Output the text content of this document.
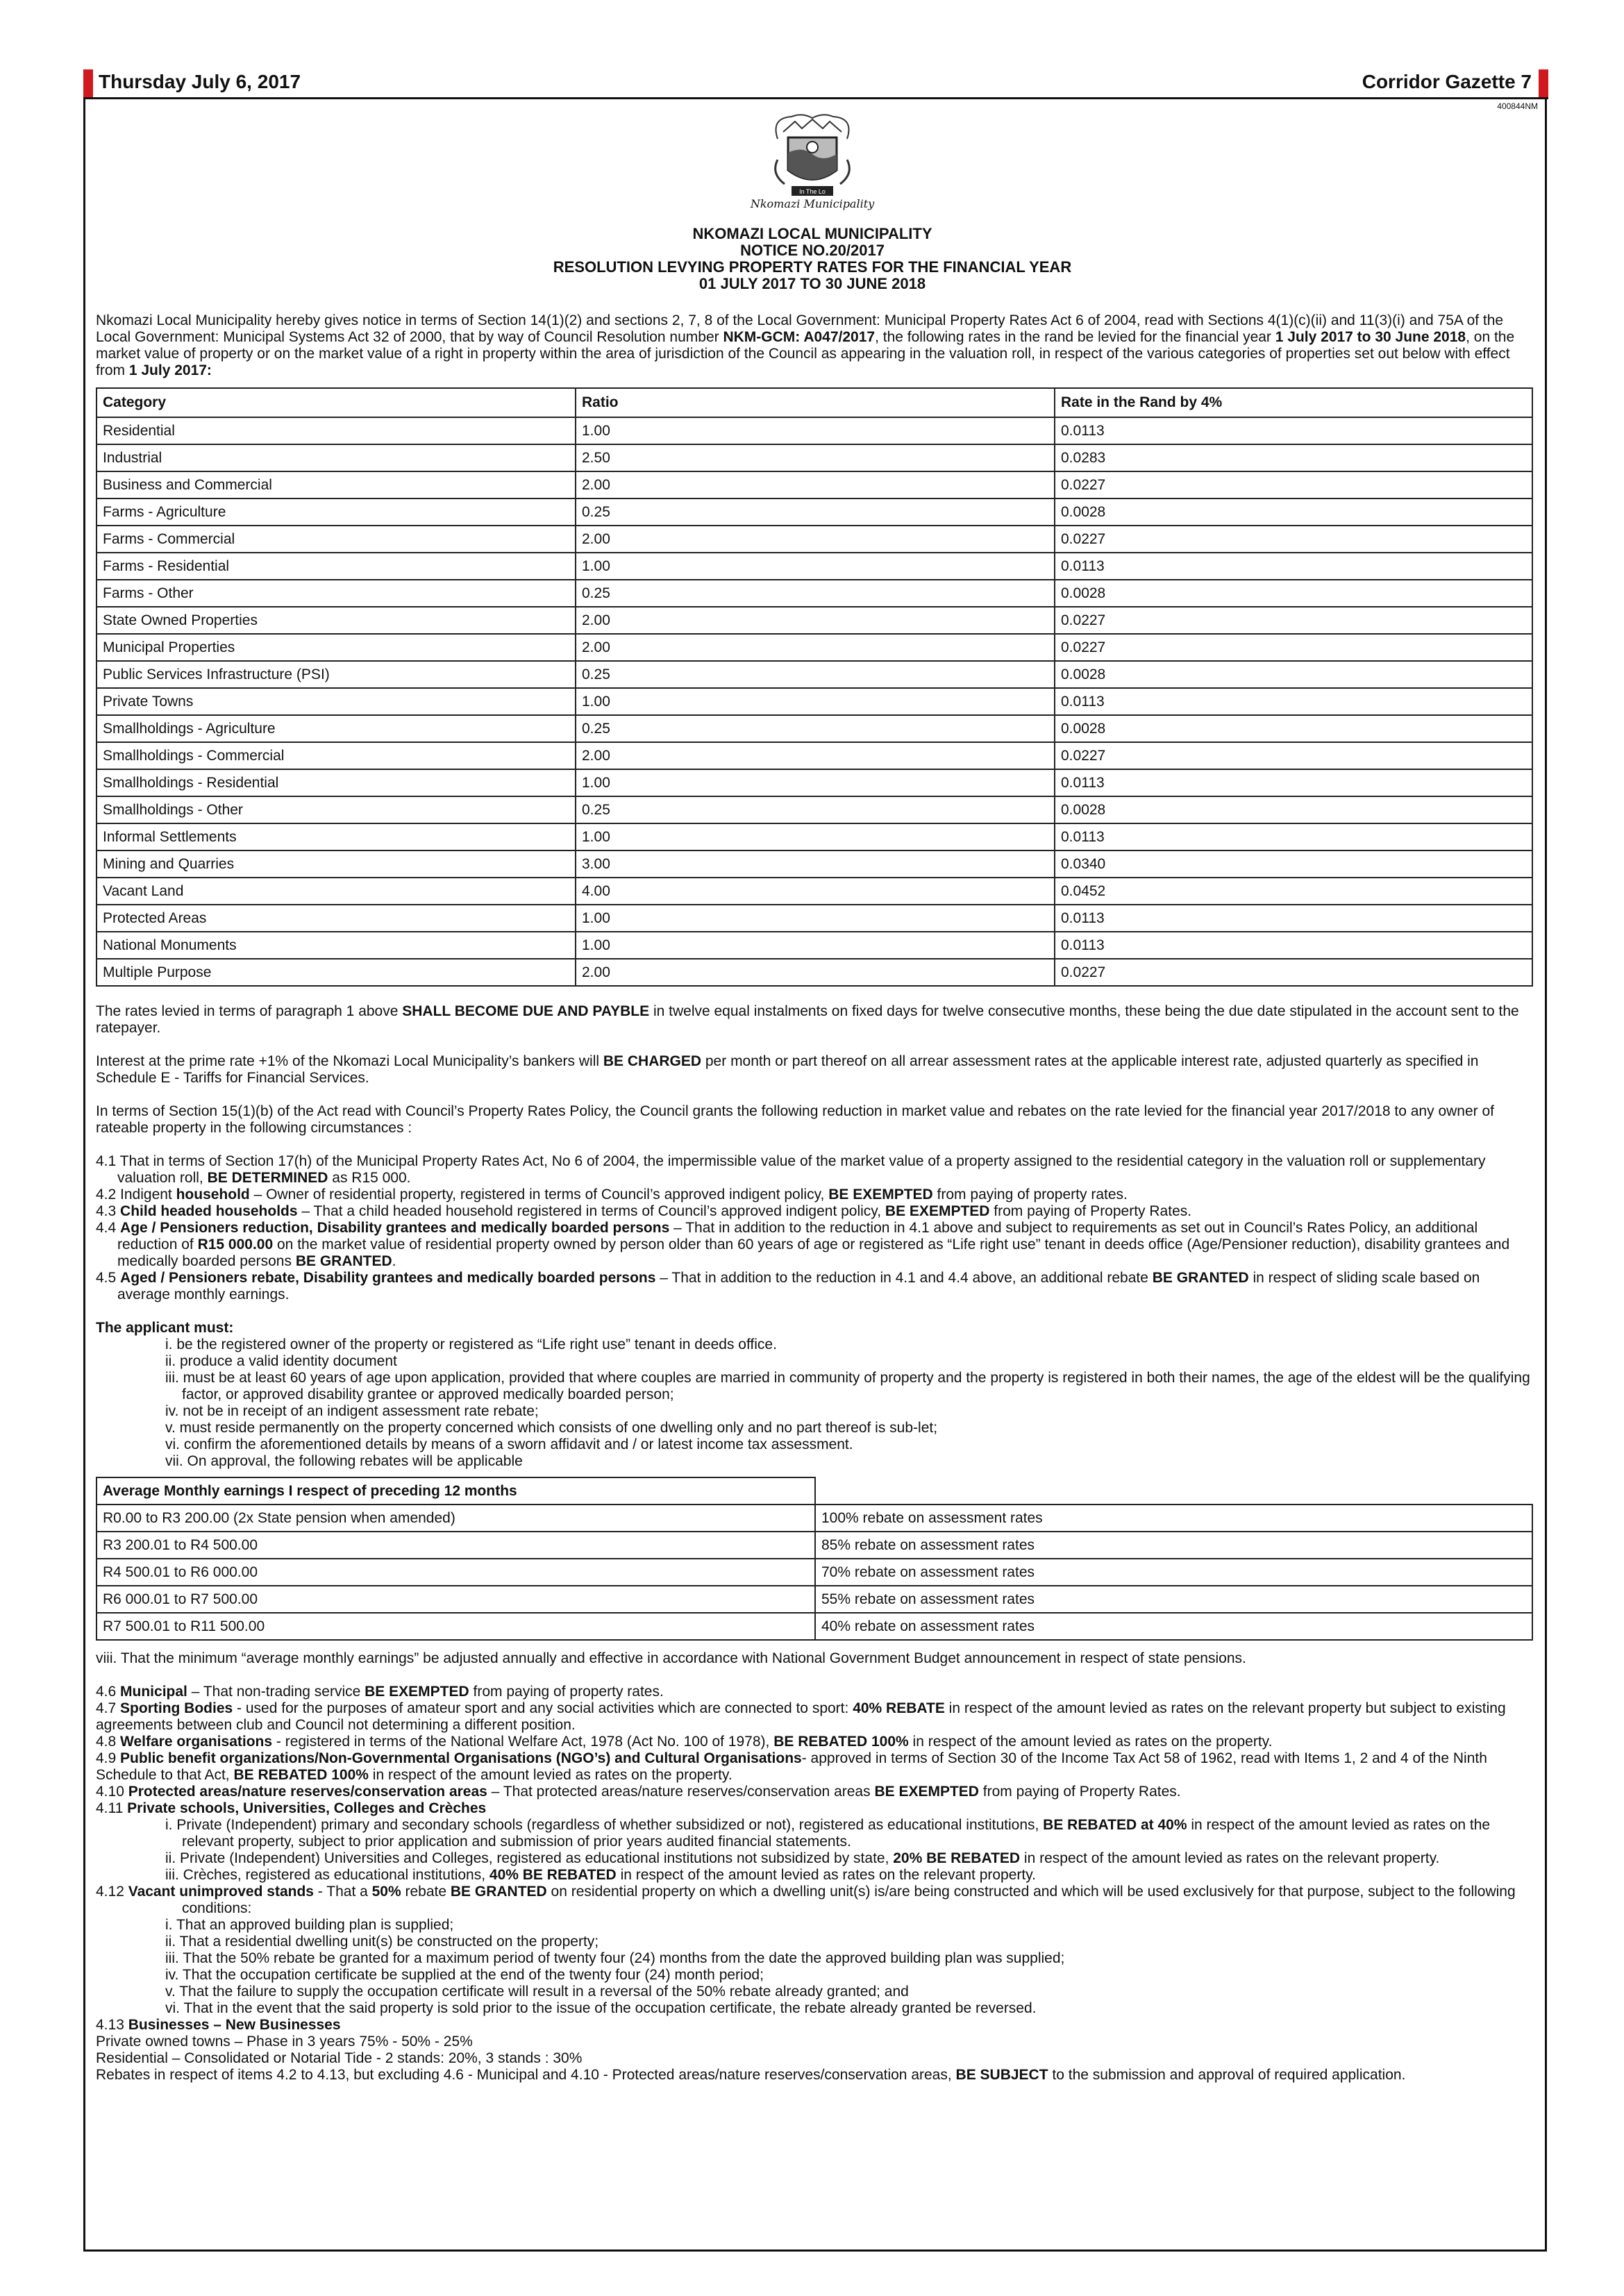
Thursday July 6, 2017	Corridor Gazette 7
400844NM
In The Lo
Nkomazi Municipality
NKOMAZI LOCAL MUNICIPALITY
NOTICE NO.20/2017
RESOLUTION LEVYING PROPERTY RATES FOR THE FINANCIAL YEAR
01 JULY 2017 TO 30 JUNE 2018

Nkomazi Local Municipality hereby gives notice in terms of Section 14(1)(2) and sections 2, 7, 8 of the Local Government: Municipal Property Rates Act 6 of 2004, read with Sections 4(1)(c)(ii) and 11(3)(i) and 75A of the Local Government: Municipal Systems Act 32 of 2000, that by way of Council Resolution number NKM-GCM: A047/2017, the following rates in the rand be levied for the financial year 1 July 2017 to 30 June 2018, on the market value of property or on the market value of a right in property within the area of jurisdiction of the Council as appearing in the valuation roll, in respect of the various categories of properties set out below with effect from 1 July 2017:

Category	Ratio	Rate in the Rand by 4%
Residential	1.00	0.0113
Industrial	2.50	0.0283
Business and Commercial	2.00	0.0227
Farms - Agriculture	0.25	0.0028
Farms - Commercial	2.00	0.0227
Farms - Residential	1.00	0.0113
Farms - Other	0.25	0.0028
State Owned Properties	2.00	0.0227
Municipal Properties	2.00	0.0227
Public Services Infrastructure (PSI)	0.25	0.0028
Private Towns	1.00	0.0113
Smallholdings - Agriculture	0.25	0.0028
Smallholdings - Commercial	2.00	0.0227
Smallholdings - Residential	1.00	0.0113
Smallholdings - Other	0.25	0.0028
Informal Settlements	1.00	0.0113
Mining and Quarries	3.00	0.0340
Vacant Land	4.00	0.0452
Protected Areas	1.00	0.0113
National Monuments	1.00	0.0113
Multiple Purpose	2.00	0.0227

The rates levied in terms of paragraph 1 above SHALL BECOME DUE AND PAYBLE in twelve equal instalments on fixed days for twelve consecutive months, these being the due date stipulated in the account sent to the ratepayer.

Interest at the prime rate +1% of the Nkomazi Local Municipality’s bankers will BE CHARGED per month or part thereof on all arrear assessment rates at the applicable interest rate, adjusted quarterly as specified in Schedule E - Tariffs for Financial Services.

In terms of Section 15(1)(b) of the Act read with Council’s Property Rates Policy, the Council grants the following reduction in market value and rebates on the rate levied for the financial year 2017/2018 to any owner of rateable property in the following circumstances :

4.1 That in terms of Section 17(h) of the Municipal Property Rates Act, No 6 of 2004, the impermissible value of the market value of a property assigned to the residential category in the valuation roll or supplementary valuation roll, BE DETERMINED as R15 000.

4.2 Indigent household – Owner of residential property, registered in terms of Council’s approved indigent policy, BE EXEMPTED from paying of property rates.

4.3 Child headed households – That a child headed household registered in terms of Council’s approved indigent policy, BE EXEMPTED from paying of Property Rates.

4.4 Age / Pensioners reduction, Disability grantees and medically boarded persons – That in addition to the reduction in 4.1 above and subject to requirements as set out in Council’s Rates Policy, an additional reduction of R15 000.00 on the market value of residential property owned by person older than 60 years of age or registered as “Life right use” tenant in deeds office (Age/Pensioner reduction), disability grantees and medically boarded persons BE GRANTED.

4.5 Aged / Pensioners rebate, Disability grantees and medically boarded persons – That in addition to the reduction in 4.1 and 4.4 above, an additional rebate BE GRANTED in respect of sliding scale based on average monthly earnings.

The applicant must:

i. be the registered owner of the property or registered as “Life right use” tenant in deeds office.

ii. produce a valid identity document

iii. must be at least 60 years of age upon application, provided that where couples are married in community of property and the property is registered in both their names, the age of the eldest will be the qualifying factor, or approved disability grantee or approved medically boarded person;

iv. not be in receipt of an indigent assessment rate rebate;

v. must reside permanently on the property concerned which consists of one dwelling only and no part thereof is sub-let;

vi. confirm the aforementioned details by means of a sworn affidavit and / or latest income tax assessment.

vii. On approval, the following rebates will be applicable

Average Monthly earnings I respect of preceding 12 months	
R0.00 to R3 200.00 (2x State pension when amended)	100% rebate on assessment rates
R3 200.01 to R4 500.00	85% rebate on assessment rates
R4 500.01 to R6 000.00	70% rebate on assessment rates
R6 000.01 to R7 500.00	55% rebate on assessment rates
R7 500.01 to R11 500.00	40% rebate on assessment rates

viii. That the minimum “average monthly earnings” be adjusted annually and effective in accordance with National Government Budget announcement in respect of state pensions.

4.6 Municipal – That non-trading service BE EXEMPTED from paying of property rates.

4.7 Sporting Bodies - used for the purposes of amateur sport and any social activities which are connected to sport: 40% REBATE in respect of the amount levied as rates on the relevant property but subject to existing agreements between club and Council not determining a different position.

4.8 Welfare organisations - registered in terms of the National Welfare Act, 1978 (Act No. 100 of 1978), BE REBATED 100% in respect of the amount levied as rates on the property.

4.9 Public benefit organizations/Non-Governmental Organisations (NGO’s) and Cultural Organisations- approved in terms of Section 30 of the Income Tax Act 58 of 1962, read with Items 1, 2 and 4 of the Ninth Schedule to that Act, BE REBATED 100% in respect of the amount levied as rates on the property.

4.10 Protected areas/nature reserves/conservation areas – That protected areas/nature reserves/conservation areas BE EXEMPTED from paying of Property Rates.

4.11 Private schools, Universities, Colleges and Crèches

i. Private (Independent) primary and secondary schools (regardless of whether subsidized or not), registered as educational institutions, BE REBATED at 40% in respect of the amount levied as rates on the relevant property, subject to prior application and submission of prior years audited financial statements.

ii. Private (Independent) Universities and Colleges, registered as educational institutions not subsidized by state, 20% BE REBATED in respect of the amount levied as rates on the relevant property.

iii. Crèches, registered as educational institutions, 40% BE REBATED in respect of the amount levied as rates on the relevant property.

4.12 Vacant unimproved stands - That a 50% rebate BE GRANTED on residential property on which a dwelling unit(s) is/are being constructed and which will be used exclusively for that purpose, subject to the following conditions:

i. That an approved building plan is supplied;

ii. That a residential dwelling unit(s) be constructed on the property;

iii. That the 50% rebate be granted for a maximum period of twenty four (24) months from the date the approved building plan was supplied;

iv. That the occupation certificate be supplied at the end of the twenty four (24) month period;

v. That the failure to supply the occupation certificate will result in a reversal of the 50% rebate already granted; and

vi. That in the event that the said property is sold prior to the issue of the occupation certificate, the rebate already granted be reversed.

4.13 Businesses – New Businesses

Private owned towns – Phase in 3 years 75% - 50% - 25%

Residential – Consolidated or Notarial Tide - 2 stands: 20%, 3 stands : 30%

Rebates in respect of items 4.2 to 4.13, but excluding 4.6 - Municipal and 4.10 - Protected areas/nature reserves/conservation areas, BE SUBJECT to the submission and approval of required application.
